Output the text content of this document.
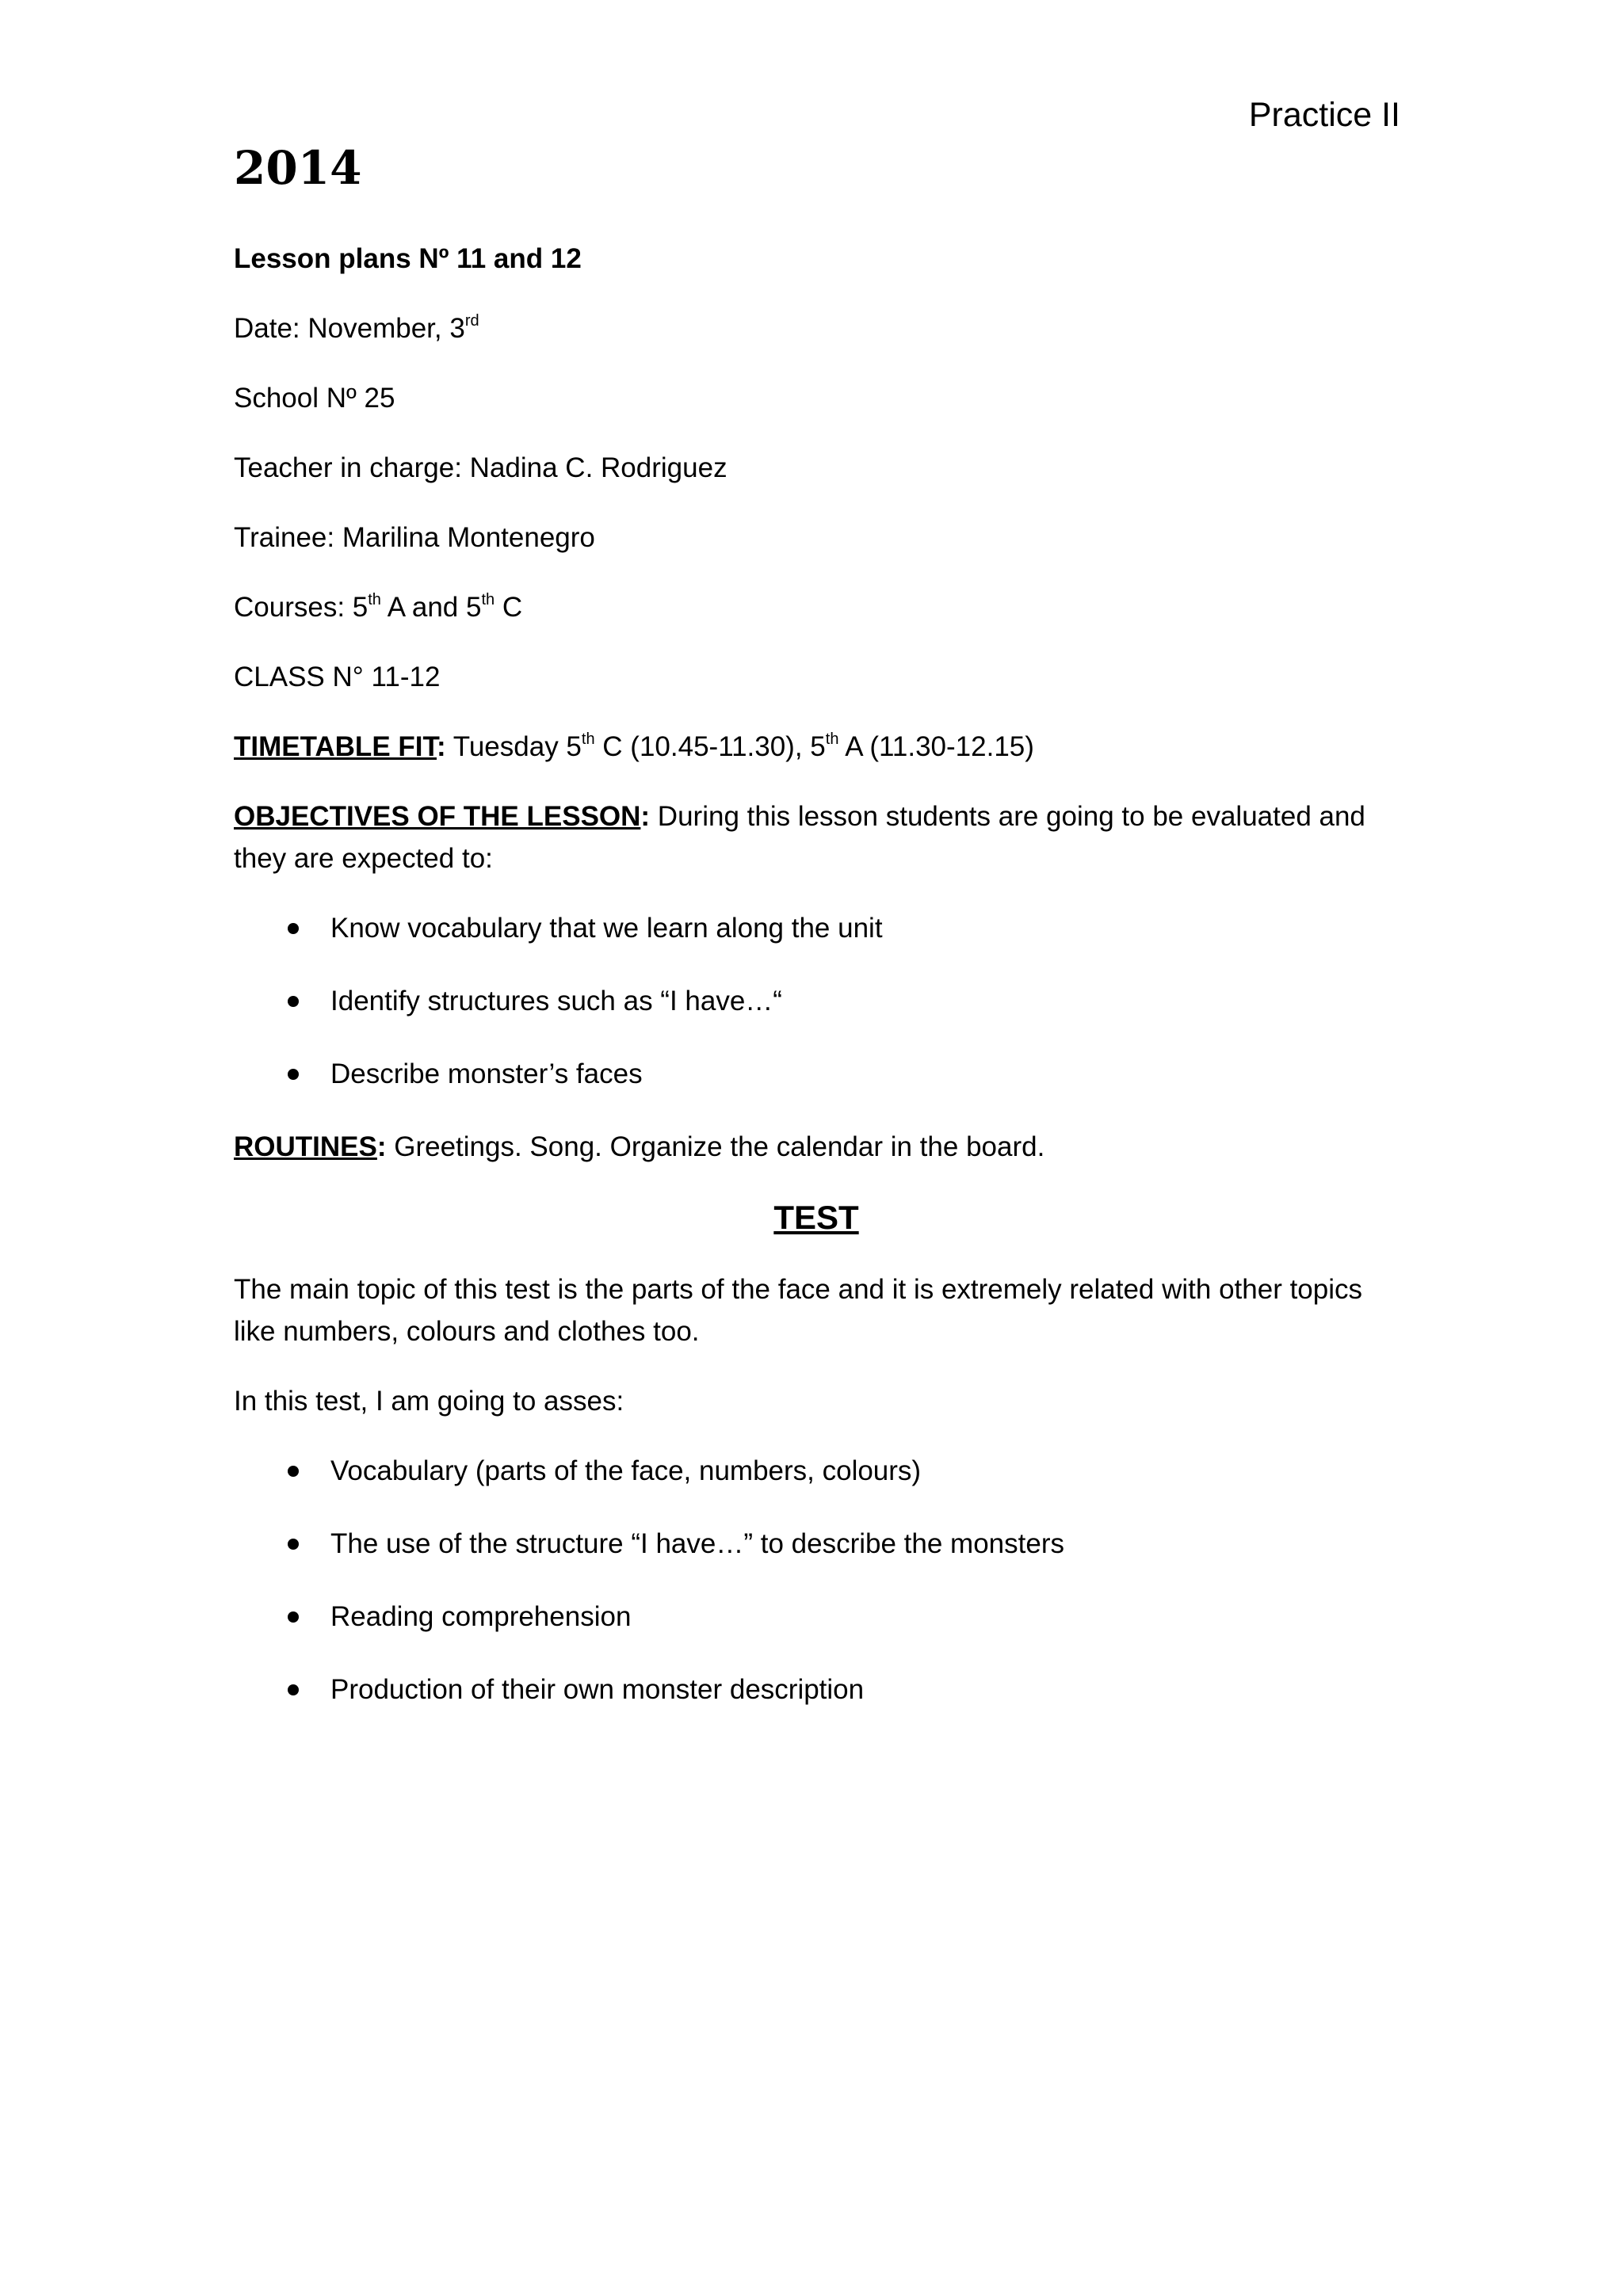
Practice II
2014

Lesson plans Nº 11 and 12

Date: November, 3rd

School Nº 25

Teacher in charge: Nadina C. Rodriguez

Trainee: Marilina Montenegro

Courses: 5th A and 5th C

CLASS N° 11-12

TIMETABLE FIT: Tuesday 5th C (10.45-11.30), 5th A (11.30-12.15)

OBJECTIVES OF THE LESSON: During this lesson students are going to be evaluated and they are expected to:

Know vocabulary that we learn along the unit
Identify structures such as “I have…“
Describe monster’s faces

ROUTINES: Greetings. Song. Organize the calendar in the board.

TEST

The main topic of this test is the parts of the face and it is extremely related with other topics like numbers, colours and clothes too.

In this test, I am going to asses:

Vocabulary (parts of the face, numbers, colours)
The use of the structure “I have…” to describe the monsters
Reading comprehension
Production of their own monster description
